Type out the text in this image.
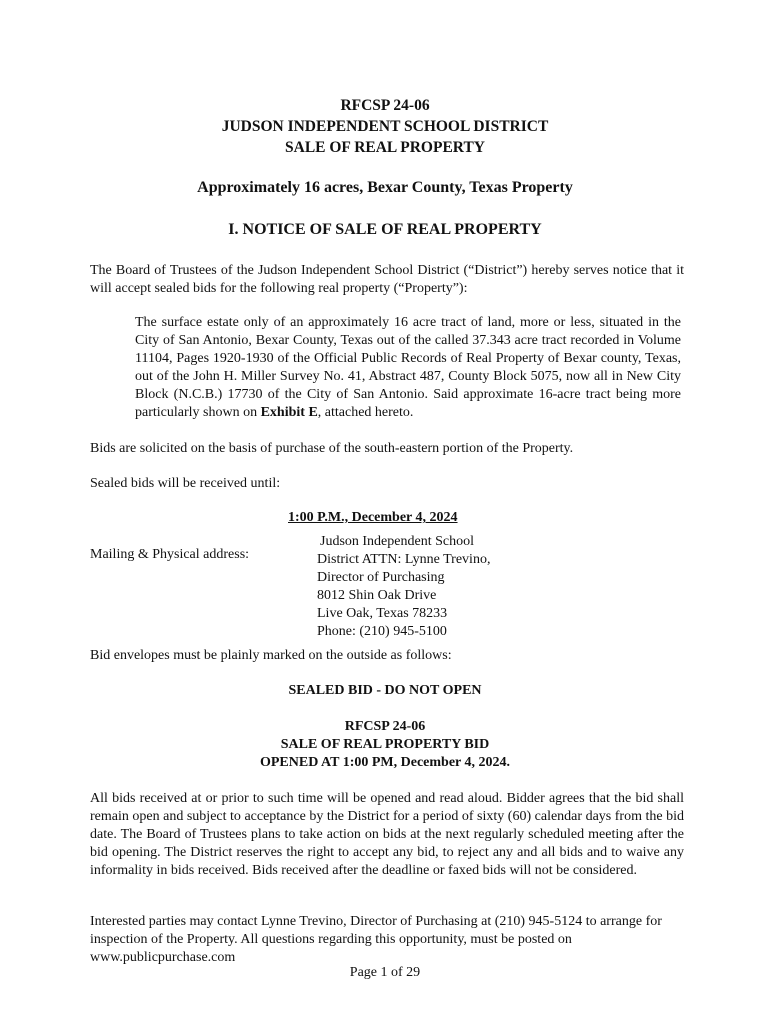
RFCSP 24-06
JUDSON INDEPENDENT SCHOOL DISTRICT
SALE OF REAL PROPERTY
Approximately 16 acres, Bexar County, Texas Property
I. NOTICE OF SALE OF REAL PROPERTY
The Board of Trustees of the Judson Independent School District (“District”) hereby serves notice that it will accept sealed bids for the following real property (“Property”):
The surface estate only of an approximately 16 acre tract of land, more or less, situated in the City of San Antonio, Bexar County, Texas out of the called 37.343 acre tract recorded in Volume 11104, Pages 1920-1930 of the Official Public Records of Real Property of Bexar county, Texas, out of the John H. Miller Survey No. 41, Abstract 487, County Block 5075, now all in New City Block (N.C.B.) 17730 of the City of San Antonio. Said approximate 16-acre tract being more particularly shown on Exhibit E, attached hereto.
Bids are solicited on the basis of purchase of the south-eastern portion of the Property.
Sealed bids will be received until:
1:00 P.M., December 4, 2024
Mailing & Physical address:
Judson Independent School
District ATTN: Lynne Trevino,
Director of Purchasing
8012 Shin Oak Drive
Live Oak, Texas 78233
Phone: (210) 945-5100
Bid envelopes must be plainly marked on the outside as follows:
SEALED BID - DO NOT OPEN
RFCSP 24-06
SALE OF REAL PROPERTY BID
OPENED AT 1:00 PM, December 4, 2024.
All bids received at or prior to such time will be opened and read aloud. Bidder agrees that the bid shall remain open and subject to acceptance by the District for a period of sixty (60) calendar days from the bid date. The Board of Trustees plans to take action on bids at the next regularly scheduled meeting after the bid opening. The District reserves the right to accept any bid, to reject any and all bids and to waive any informality in bids received. Bids received after the deadline or faxed bids will not be considered.
Interested parties may contact Lynne Trevino, Director of Purchasing at (210) 945-5124 to arrange for inspection of the Property. All questions regarding this opportunity, must be posted on www.publicpurchase.com
Page 1 of 29
